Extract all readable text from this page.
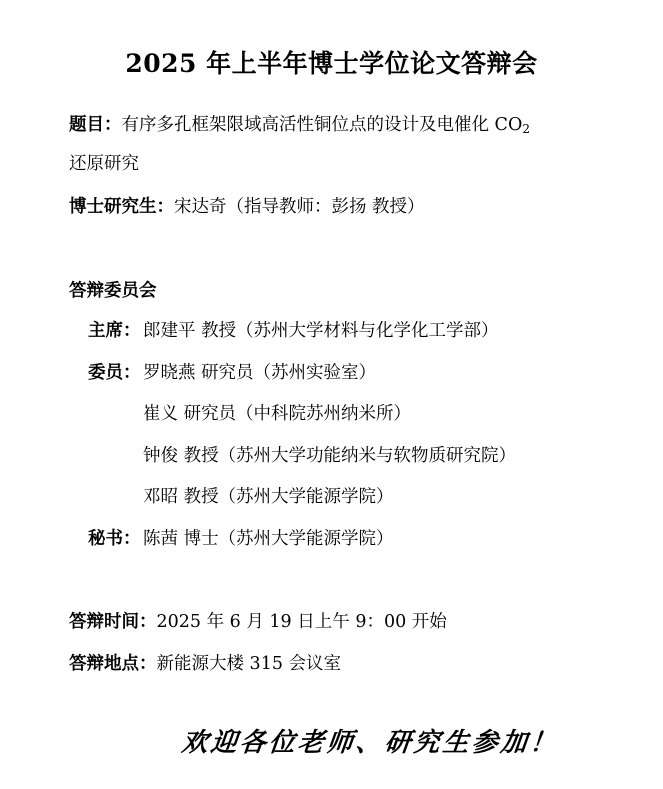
2025 年上半年博士学位论文答辩会
题目：有序多孔框架限域高活性铜位点的设计及电催化 $CO_2$
还原研究
博士研究生：宋达奇（指导教师：彭扬 教授）
答辩委员会
主席： 郎建平 教授（苏州大学材料与化学化工学部）
委员： 罗晓燕 研究员（苏州实验室）
崔义 研究员（中科院苏州纳米所）
钟俊 教授（苏州大学功能纳米与软物质研究院）
邓昭 教授（苏州大学能源学院）
秘书： 陈茜 博士（苏州大学能源学院）
答辩时间：2025 年 6 月 19 日上午 9：00 开始
答辩地点：新能源大楼 315 会议室
欢迎各位老师、研究生参加！
